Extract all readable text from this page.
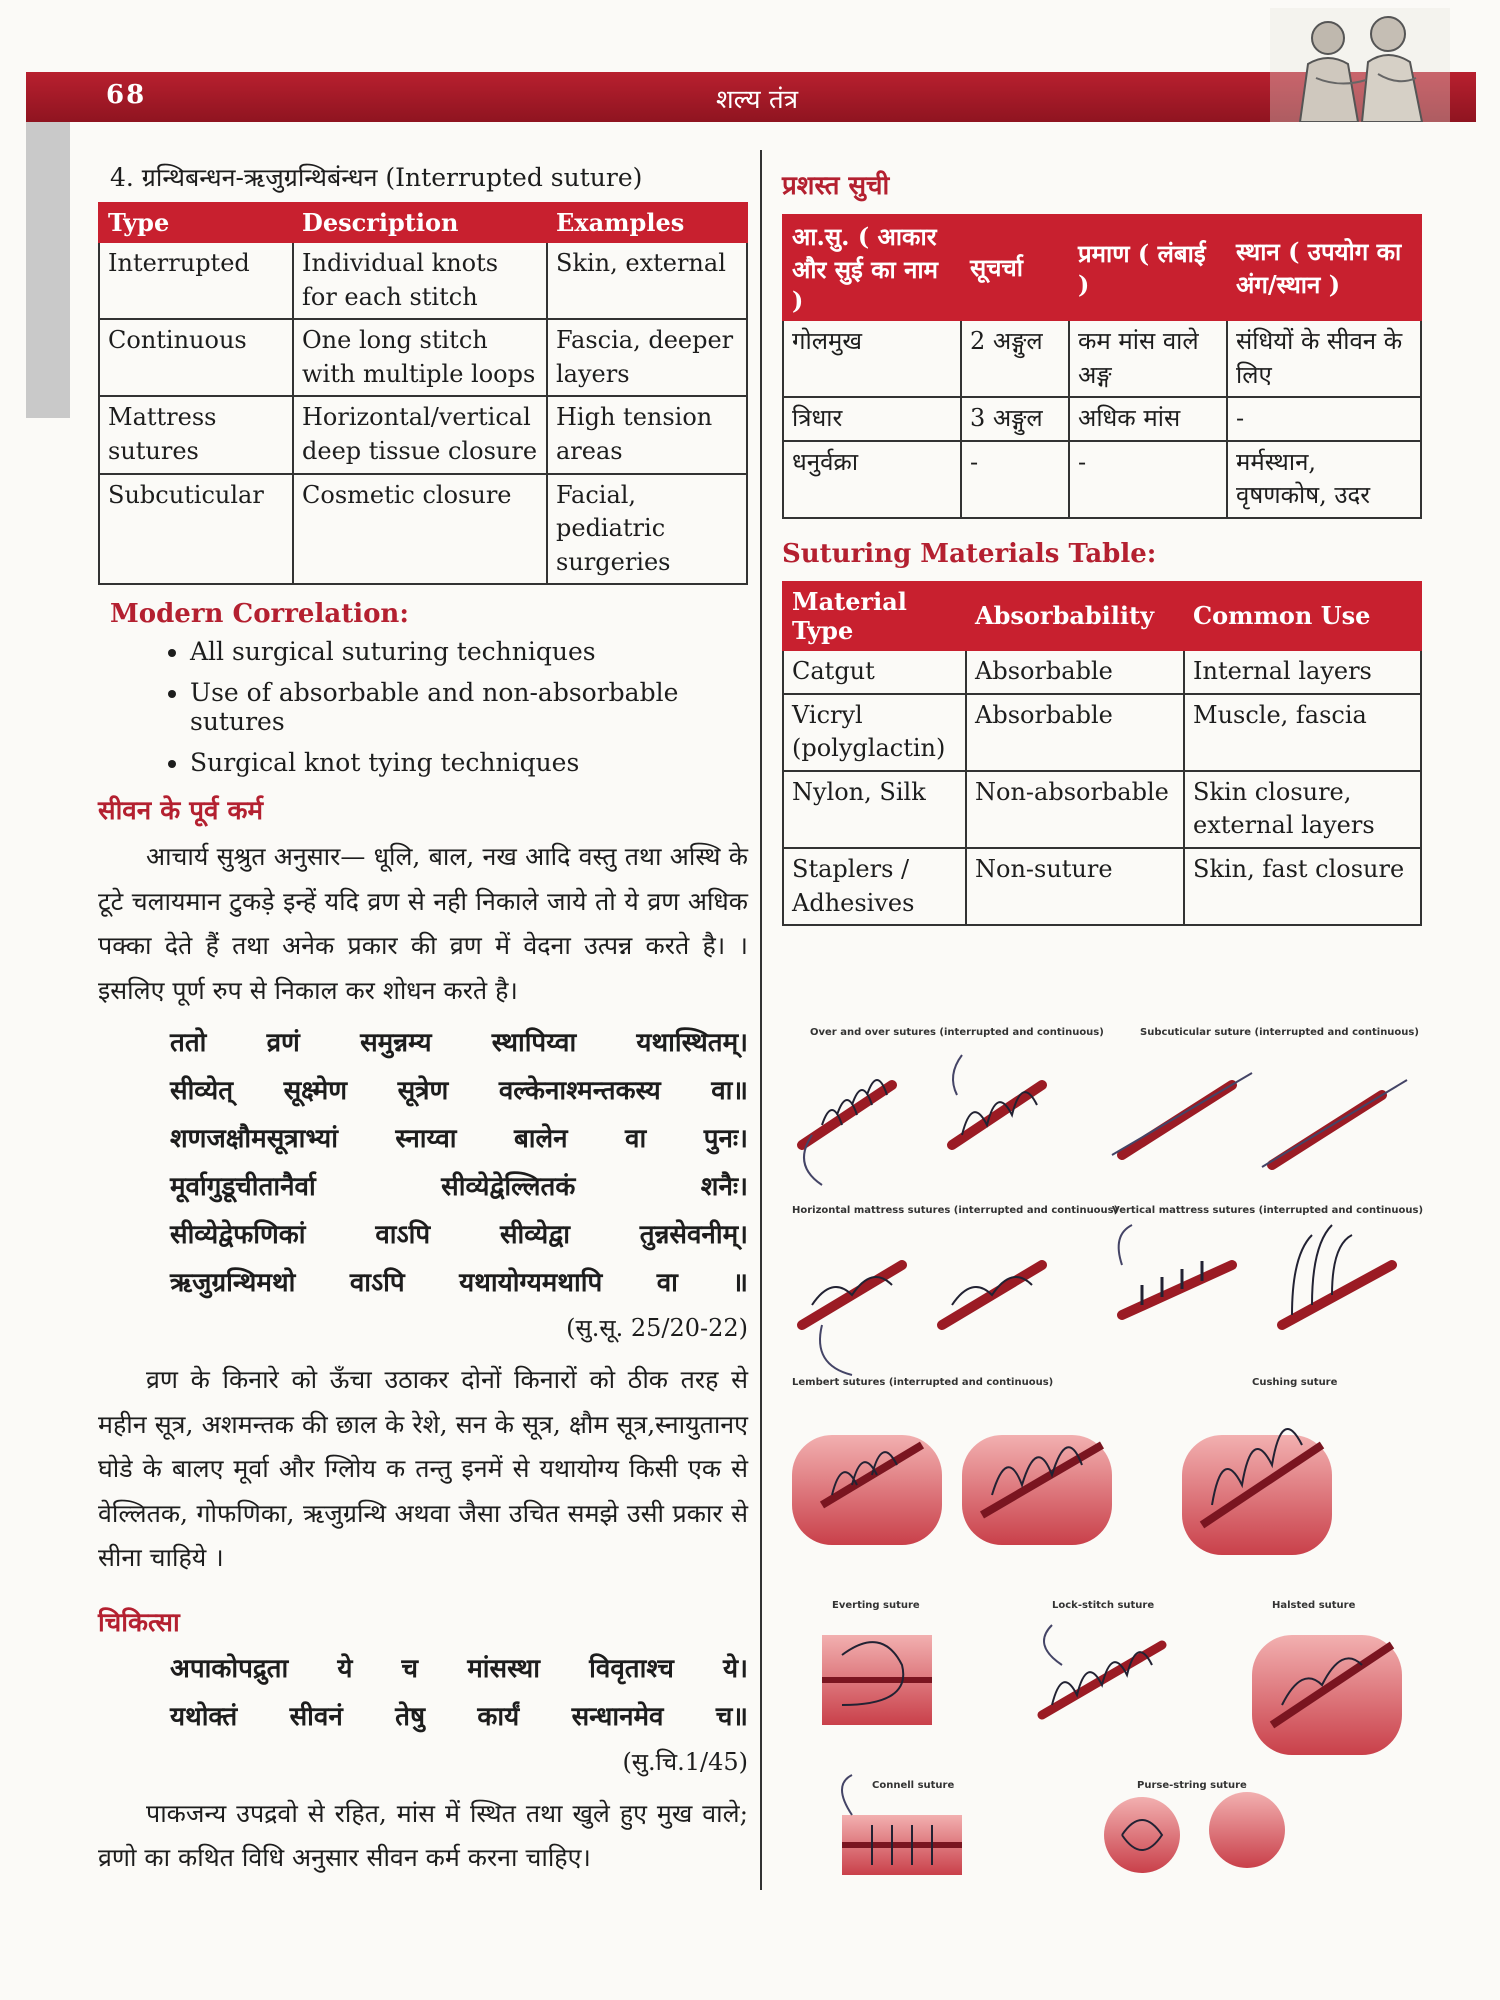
68	शल्य तंत्र
4. ग्रन्थिबन्धन-ऋजुग्रन्थिबंन्धन (Interrupted suture)
Type	Description	Examples
Interrupted	Individual knots for each stitch	Skin, external
Continuous	One long stitch with multiple loops	Fascia, deeper layers
Mattress sutures	Horizontal/vertical deep tissue closure	High tension areas
Subcuticular	Cosmetic closure	Facial, pediatric surgeries
Modern Correlation:
• All surgical suturing techniques
• Use of absorbable and non-absorbable sutures
• Surgical knot tying techniques
सीवन के पूर्व कर्म

आचार्य सुश्रुत अनुसार— धूलि, बाल, नख आदि वस्तु तथा अस्थि के टूटे चलायमान टुकड़े इन्हें यदि व्रण से नही निकाले जाये तो ये व्रण अधिक पक्का देते हैं तथा अनेक प्रकार की व्रण में वेदना उत्पन्न करते है। । इसलिए पूर्ण रुप से निकाल कर शोधन करते है।

ततो व्रणं समुन्नम्य स्थापिय्वा यथास्थितम्।
सीव्येत् सूक्ष्मेण सूत्रेण वल्केनाश्मन्तकस्य वा॥
शणजक्षौमसूत्राभ्यां स्नाय्वा बालेन वा पुनः।
मूर्वागुडूचीतानैर्वा सीव्येद्वेल्लितकं शनैः।
सीव्येद्वेफणिकां वाऽपि सीव्येद्वा तुन्नसेवनीम्।
ऋजुग्रन्थिमथो वाऽपि यथायोग्यमथापि वा ॥
(सु.सू. 25/20-22)

व्रण के किनारे को ऊँचा उठाकर दोनों किनारों को ठीक तरह से महीन सूत्र, अशमन्तक की छाल के रेशे, सन के सूत्र, क्षौम सूत्र,स्नायुतानए घोडे के बालए मूर्वा और ग्लिोय क तन्तु इनमें से यथायोग्य किसी एक से वेल्लितक, गोफणिका, ऋजुग्रन्थि अथवा जैसा उचित समझे उसी प्रकार से सीना चाहिये ।

चिकित्सा
अपाकोपद्रुता ये च मांसस्था विवृताश्च ये।
यथोक्तं सीवनं तेषु कार्यं सन्धानमेव च॥
(सु.चि.1/45)

पाकजन्य उपद्रवो से रहित, मांस में स्थित तथा खुले हुए मुख वाले; व्रणो का कथित विधि अनुसार सीवन कर्म करना चाहिए।

प्रशस्त सुची
आ.सु. ( आकार और सुई का नाम )	सूचर्चा	प्रमाण ( लंबाई )	स्थान ( उपयोग का अंग/स्थान )
गोलमुख	2 अङ्गुल	कम मांस वाले अङ्ग	संधियों के सीवन के लिए
त्रिधार	3 अङ्गुल	अधिक मांस	-
धनुर्वक्रा	-	-	मर्मस्थान, वृषणकोष, उदर
Suturing Materials Table:
Material Type	Absorbability	Common Use
Catgut	Absorbable	Internal layers
Vicryl (polyglactin)	Absorbable	Muscle, fascia
Nylon, Silk	Non-absorbable	Skin closure, external layers
Staplers / Adhesives	Non-suture	Skin, fast closure
Over and over sutures (interrupted and continuous)	Subcuticular suture (interrupted and continuous)
Horizontal mattress sutures (interrupted and continuous)
Vertical mattress sutures (interrupted and continuous)
Lembert sutures (interrupted and continuous)	Cushing suture
Everting suture	Lock-stitch suture	Halsted suture
Connell suture	Purse-string suture
